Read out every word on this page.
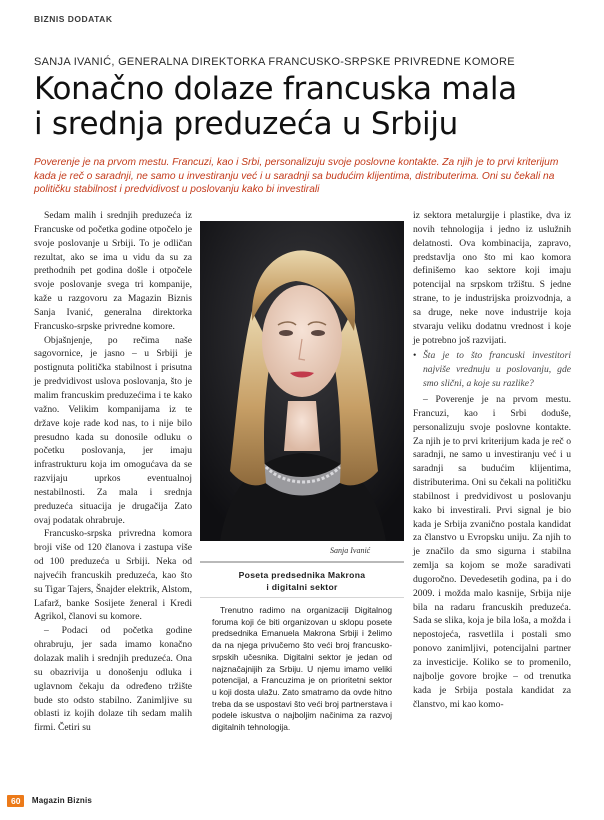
BIZNIS DODATAK
SANJA IVANIĆ, GENERALNA DIREKTORKA FRANCUSKO-SRPSKE PRIVREDNE KOMORE
Konačno dolaze francuska mala
i srednja preduzeća u Srbiju
Poverenje je na prvom mestu. Francuzi, kao i Srbi, personalizuju svoje poslovne kontakte. Za njih je to prvi kriterijum kada je reč o saradnji, ne samo u investiranju već i u saradnji sa budućim klijentima, distributerima. Oni su čekali na političku stabilnost i predvidivost u poslovanju kako bi investirali

Sedam malih i srednjih preduzeća iz Francuske od početka godine otpočelo je svoje poslovanje u Srbiji. To je odličan rezultat, ako se ima u vidu da su za prethodnih pet godina došle i otpočele svoje poslovanje svega tri kompanije, kaže u razgovoru za Magazin Biznis Sanja Ivanić, generalna direktorka Francusko-srpske privredne komore.

Objašnjenje, po rečima naše sagovornice, je jasno – u Srbiji je postignuta politička stabilnost i prisutna je predvidivost uslova poslovanja, što je malim francuskim preduzećima i te kako važno. Velikim kompanijama iz te države koje rade kod nas, to i nije bilo presudno kada su donosile odluku o početku poslovanja, jer imaju infrastrukturu koja im omogućava da se razvijaju uprkos eventualnoj nestabilnosti. Za mala i srednja preduzeća situacija je drugačija Zato ovaj podatak ohrabruje.

Francusko-srpska privredna komora broji više od 120 članova i zastupa više od 100 preduzeća u Srbiji. Neka od najvećih francuskih preduzeća, kao što su Tigar Tajers, Šnajder elektrik, Alstom, Lafarž, banke Sosijete ženeral i Kredi Agrikol, članovi su komore.

– Podaci od početka godine ohrabruju, jer sada imamo konačno dolazak malih i srednjih preduzeća. Ona su obazrivija u donošenju odluka i uglavnom čekaju da određeno tržište bude sto odsto stabilno. Zanimljive su oblasti iz kojih dolaze tih sedam malih firmi. Četiri su

Sanja Ivanić
Poseta predsednika Makrona
i digitalni sektor

Trenutno radimo na organizaciji Digitalnog foruma koji će biti organizovan u sklopu posete predsednika Emanuela Makrona Srbiji i želimo da na njega privučemo što veći broj francusko-srpskih učesnika. Digitalni sektor je jedan od najznačajnijih za Srbiju. U njemu imamo veliki potencijal, a Francuzima je on prioritetni sektor u koji dosta ulažu. Zato smatramo da ovde hitno treba da se uspostavi što veći broj partnerstava i podele iskustva o najboljim načinima za razvoj digitalnih tehnologija.

iz sektora metalurgije i plastike, dva iz novih tehnologija i jedno iz uslužnih delatnosti. Ova kombinacija, zapravo, predstavlja ono što mi kao komora definišemo kao sektore koji imaju potencijal na srpskom tržištu. S jedne strane, to je industrijska proizvodnja, a sa druge, neke nove industrije koja stvaraju veliku dodatnu vrednost i koje je potrebno još razvijati.

• Šta je to što francuski investitori najviše vrednuju u poslovanju, gde smo slični, a koje su razlike?

– Poverenje je na prvom mestu. Francuzi, kao i Srbi doduše, personalizuju svoje poslovne kontakte. Za njih je to prvi kriterijum kada je reč o saradnji, ne samo u investiranju već i u saradnji sa budućim klijentima, distributerima. Oni su čekali na političku stabilnost i predvidivost u poslovanju kako bi investirali. Prvi signal je bio kada je Srbija zvanično postala kandidat za članstvo u Evropsku uniju. Za njih to je značilo da smo sigurna i stabilna zemlja sa kojom se može saradivati dugoročno. Devedesetih godina, pa i do 2009. i možda malo kasnije, Srbija nije bila na radaru francuskih preduzeća. Sada se slika, koja je bila loša, a možda i nepostojeća, rasvetlila i postali smo ponovo zanimljivi, potencijalni partner za investicije. Koliko se to promenilo, najbolje govore brojke – od trenutka kada je Srbija postala kandidat za članstvo, mi kao komo-

60 Magazin Biznis
